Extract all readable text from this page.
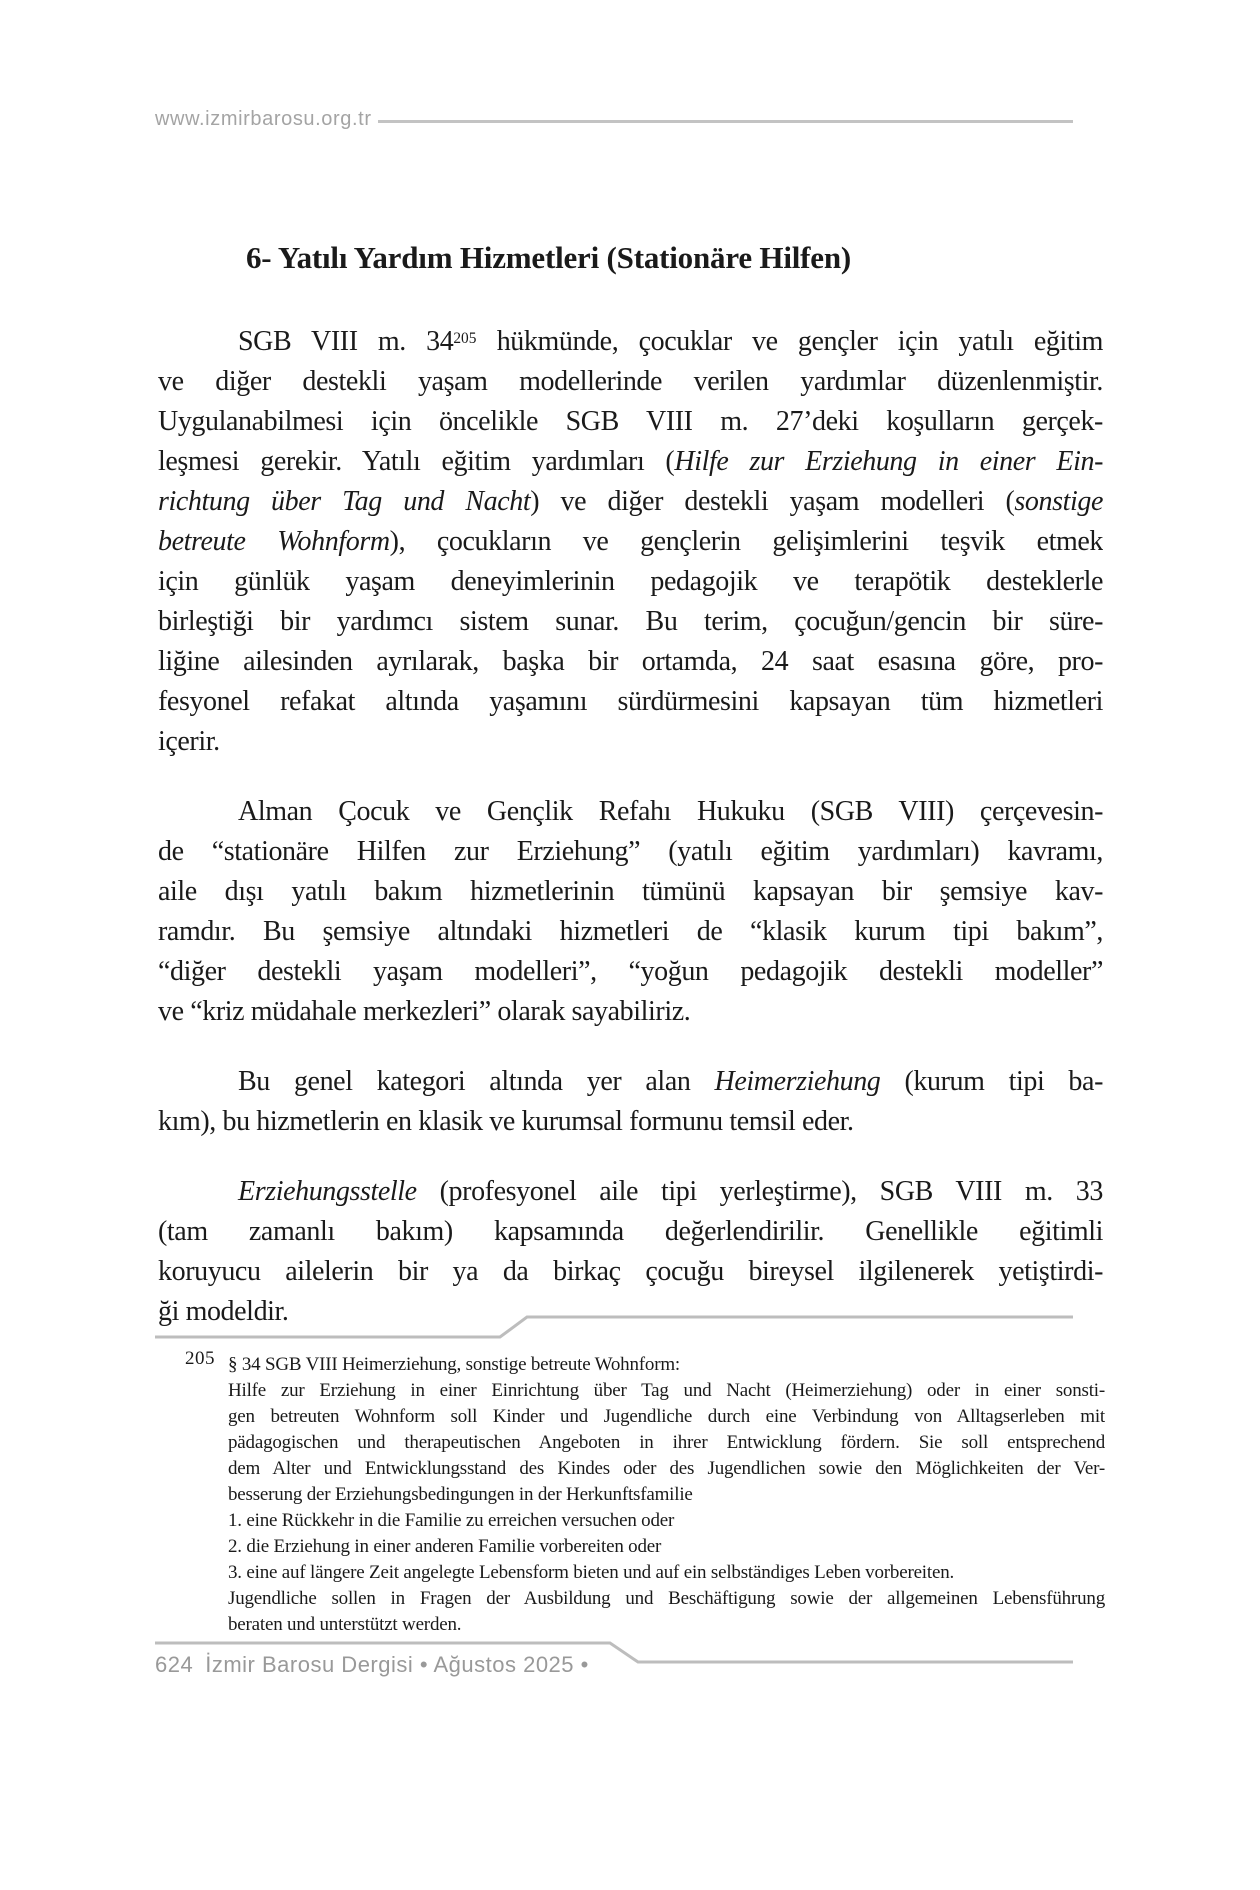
www.izmirbarosu.org.tr
6- Yatılı Yardım Hizmetleri (Stationäre Hilfen)
SGB VIII m. $34^{205}$ hükmünde, çocuklar ve gençler için yatılı eğitim
ve diğer destekli yaşam modellerinde verilen yardımlar düzenlenmiştir.
Uygulanabilmesi için öncelikle SGB VIII m. 27’deki koşulların gerçek-
leşmesi gerekir. Yatılı eğitim yardımları (Hilfe zur Erziehung in einer Ein-
richtung über Tag und Nacht) ve diğer destekli yaşam modelleri (sonstige
betreute Wohnform), çocukların ve gençlerin gelişimlerini teşvik etmek
için günlük yaşam deneyimlerinin pedagojik ve terapötik desteklerle
birleştiği bir yardımcı sistem sunar. Bu terim, çocuğun/gencin bir süre-
liğine ailesinden ayrılarak, başka bir ortamda, 24 saat esasına göre, pro-
fesyonel refakat altında yaşamını sürdürmesini kapsayan tüm hizmetleri
içerir.
Alman Çocuk ve Gençlik Refahı Hukuku (SGB VIII) çerçevesin-
de “stationäre Hilfen zur Erziehung” (yatılı eğitim yardımları) kavramı,
aile dışı yatılı bakım hizmetlerinin tümünü kapsayan bir şemsiye kav-
ramdır. Bu şemsiye altındaki hizmetleri de “klasik kurum tipi bakım”,
“diğer destekli yaşam modelleri”, “yoğun pedagojik destekli modeller”
ve “kriz müdahale merkezleri” olarak sayabiliriz.
Bu genel kategori altında yer alan Heimerziehung (kurum tipi ba-
kım), bu hizmetlerin en klasik ve kurumsal formunu temsil eder.
Erziehungsstelle (profesyonel aile tipi yerleştirme), SGB VIII m. 33
(tam zamanlı bakım) kapsamında değerlendirilir. Genellikle eğitimli
koruyucu ailelerin bir ya da birkaç çocuğu bireysel ilgilenerek yetiştirdi-
ği modeldir.
205 § 34 SGB VIII Heimerziehung, sonstige betreute Wohnform:
Hilfe zur Erziehung in einer Einrichtung über Tag und Nacht (Heimerziehung) oder in einer sonsti-
gen betreuten Wohnform soll Kinder und Jugendliche durch eine Verbindung von Alltagserleben mit
pädagogischen und therapeutischen Angeboten in ihrer Entwicklung fördern. Sie soll entsprechend
dem Alter und Entwicklungsstand des Kindes oder des Jugendlichen sowie den Möglichkeiten der Ver-
besserung der Erziehungsbedingungen in der Herkunftsfamilie
1. eine Rückkehr in die Familie zu erreichen versuchen oder
2. die Erziehung in einer anderen Familie vorbereiten oder
3. eine auf längere Zeit angelegte Lebensform bieten und auf ein selbständiges Leben vorbereiten.
Jugendliche sollen in Fragen der Ausbildung und Beschäftigung sowie der allgemeinen Lebensführung
beraten und unterstützt werden.
624 İzmir Barosu Dergisi • Ağustos 2025 •
